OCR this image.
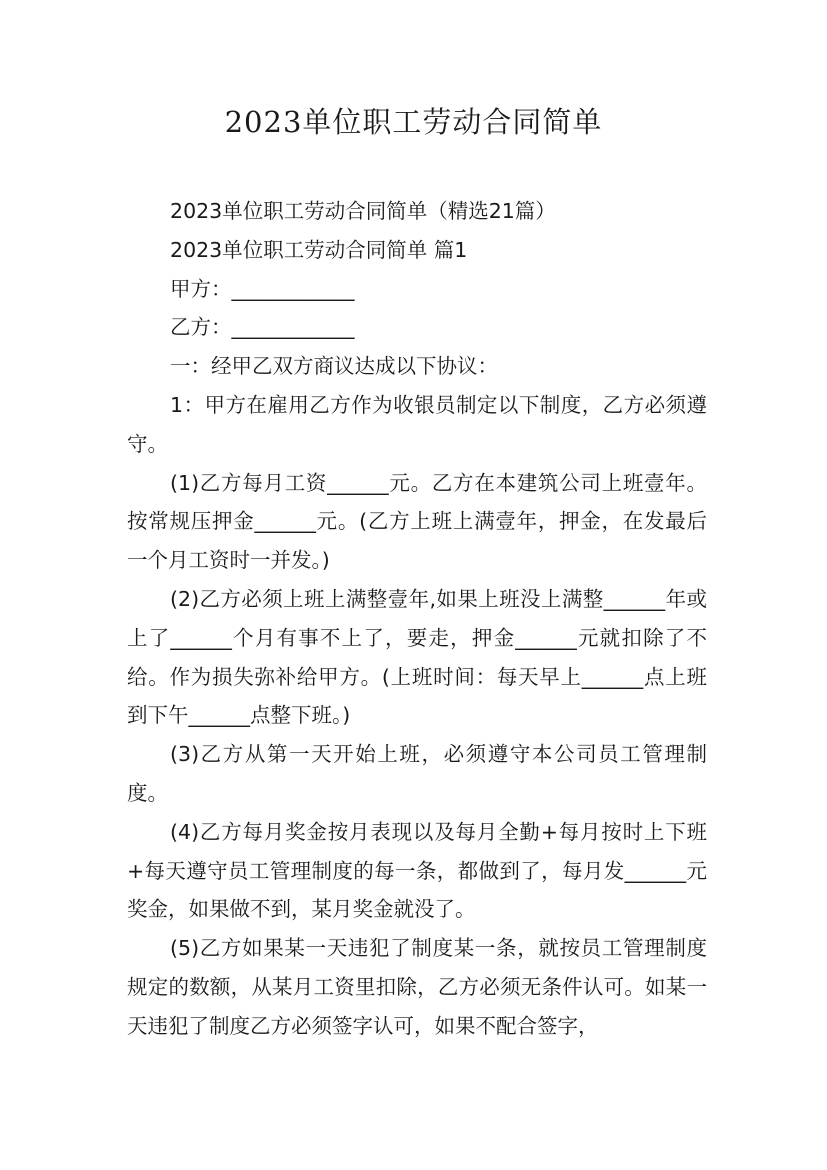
2023单位职工劳动合同简单

2023单位职工劳动合同简单（精选21篇）

2023单位职工劳动合同简单 篇1

甲方：____________

乙方：____________

一：经甲乙双方商议达成以下协议：

1：甲方在雇用乙方作为收银员制定以下制度，乙方必须遵守。

(1)乙方每月工资______元。乙方在本建筑公司上班壹年。按常规压押金______元。(乙方上班上满壹年，押金，在发最后一个月工资时一并发。)

(2)乙方必须上班上满整壹年,如果上班没上满整______年或上了______个月有事不上了，要走，押金______元就扣除了不给。作为损失弥补给甲方。(上班时间：每天早上______点上班到下午______点整下班。)

(3)乙方从第一天开始上班，必须遵守本公司员工管理制度。

(4)乙方每月奖金按月表现以及每月全勤+每月按时上下班+每天遵守员工管理制度的每一条，都做到了，每月发______元奖金，如果做不到，某月奖金就没了。

(5)乙方如果某一天违犯了制度某一条，就按员工管理制度规定的数额，从某月工资里扣除，乙方必须无条件认可。如某一天违犯了制度乙方必须签字认可，如果不配合签字，
